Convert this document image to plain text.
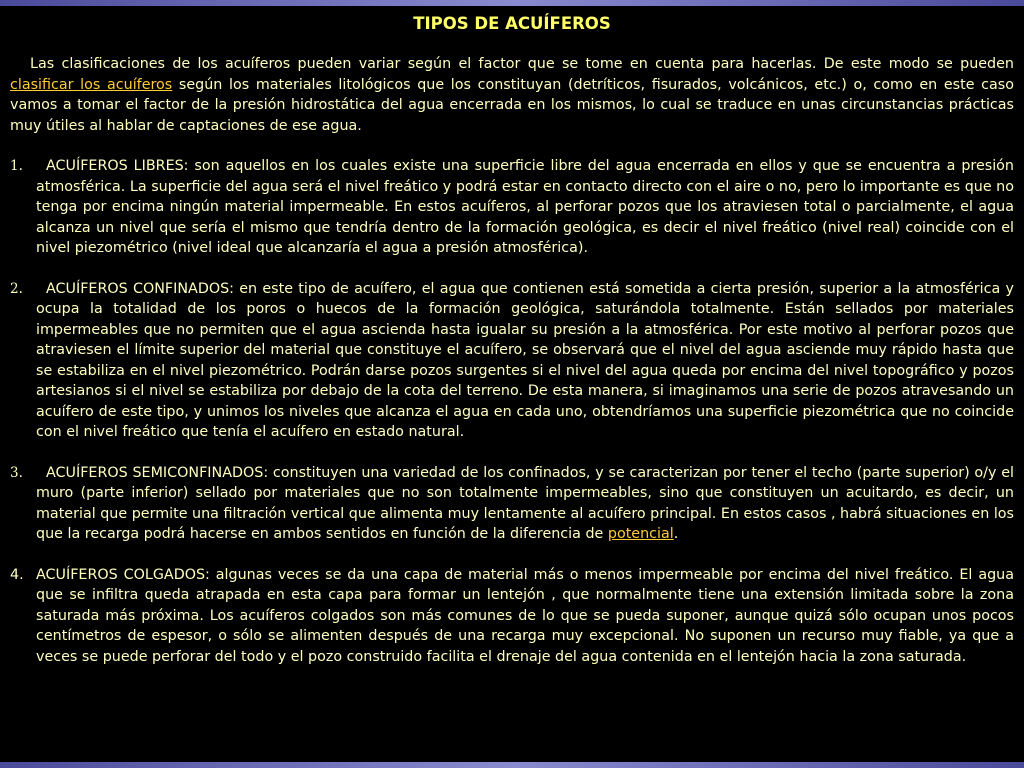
TIPOS DE ACUÍFEROS

Las clasificaciones de los acuíferos pueden variar según el factor que se tome en cuenta para hacerlas. De este modo se pueden clasificar los acuíferos según los materiales litológicos que los constituyan (detríticos, fisurados, volcánicos, etc.) o, como en este caso vamos a tomar el factor de la presión hidrostática del agua encerrada en los mismos, lo cual se traduce en unas circunstancias prácticas muy útiles al hablar de captaciones de ese agua.

1.	ACUÍFEROS LIBRES: son aquellos en los cuales existe una superficie libre del agua encerrada en ellos y que se encuentra a presión atmosférica. La superficie del agua será el nivel freático y podrá estar en contacto directo con el aire o no, pero lo importante es que no tenga por encima ningún material impermeable. En estos acuíferos, al perforar pozos que los atraviesen total o parcialmente, el agua alcanza un nivel que sería el mismo que tendría dentro de la formación geológica, es decir el nivel freático (nivel real) coincide con el nivel piezométrico (nivel ideal que alcanzaría el agua a presión atmosférica).
2.	ACUÍFEROS CONFINADOS: en este tipo de acuífero, el agua que contienen está sometida a cierta presión, superior a la atmosférica y ocupa la totalidad de los poros o huecos de la formación geológica, saturándola totalmente. Están sellados por materiales impermeables que no permiten que el agua ascienda hasta igualar su presión a la atmosférica. Por este motivo al perforar pozos que atraviesen el límite superior del material que constituye el acuífero, se observará que el nivel del agua asciende muy rápido hasta que se estabiliza en el nivel piezométrico. Podrán darse pozos surgentes si el nivel del agua queda por encima del nivel topográfico y pozos artesianos si el nivel se estabiliza por debajo de la cota del terreno. De esta manera, si imaginamos una serie de pozos atravesando un acuífero de este tipo, y unimos los niveles que alcanza el agua en cada uno, obtendríamos una superficie piezométrica que no coincide con el nivel freático que tenía el acuífero en estado natural.
3.	ACUÍFEROS SEMICONFINADOS: constituyen una variedad de los confinados, y se caracterizan por tener el techo (parte superior) o/y el muro (parte inferior) sellado por materiales que no son totalmente impermeables, sino que constituyen un acuitardo, es decir, un material que permite una filtración vertical que alimenta muy lentamente al acuífero principal. En estos casos , habrá situaciones en los que la recarga podrá hacerse en ambos sentidos en función de la diferencia de potencial.
4. ACUÍFEROS COLGADOS: algunas veces se da una capa de material más o menos impermeable por encima del nivel freático. El agua que se infiltra queda atrapada en esta capa para formar un lentejón , que normalmente tiene una extensión limitada sobre la zona saturada más próxima. Los acuíferos colgados son más comunes de lo que se pueda suponer, aunque quizá sólo ocupan unos pocos centímetros de espesor, o sólo se alimenten después de una recarga muy excepcional. No suponen un recurso muy fiable, ya que a veces se puede perforar del todo y el pozo construido facilita el drenaje del agua contenida en el lentejón hacia la zona saturada.
